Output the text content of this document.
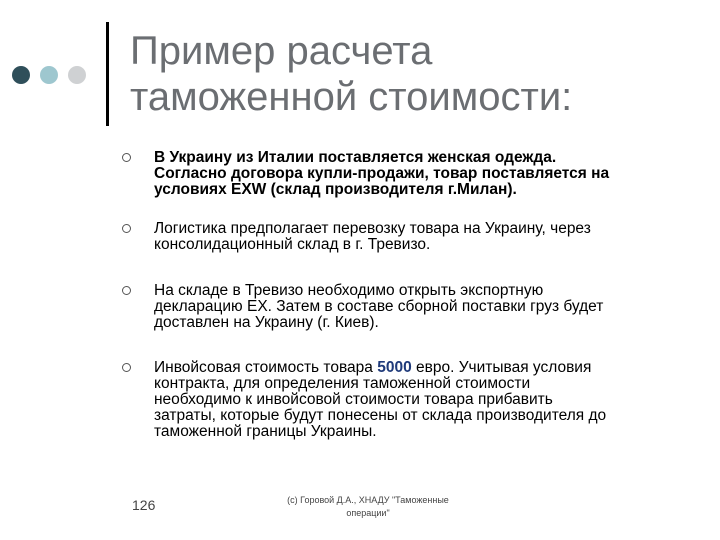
Пример расчета
таможенной стоимости:
В Украину из Италии поставляется женская одежда.
Согласно договора купли-продажи, товар поставляется на
условиях EXW (склад производителя г.Милан).
Логистика предполагает перевозку товара на Украину, через
консолидационный склад в г. Тревизо.
На складе в Тревизо необходимо открыть экспортную
декларацию EX. Затем в составе сборной поставки груз будет
доставлен на Украину (г. Киев).
Инвойсовая стоимость товара 5000 евро. Учитывая условия
контракта, для определения таможенной стоимости
необходимо к инвойсовой стоимости товара прибавить
затраты, которые будут понесены от склада производителя до
таможенной границы Украины.
126	(с) Горовой Д.А., ХНАДУ "Таможенные
операции"
